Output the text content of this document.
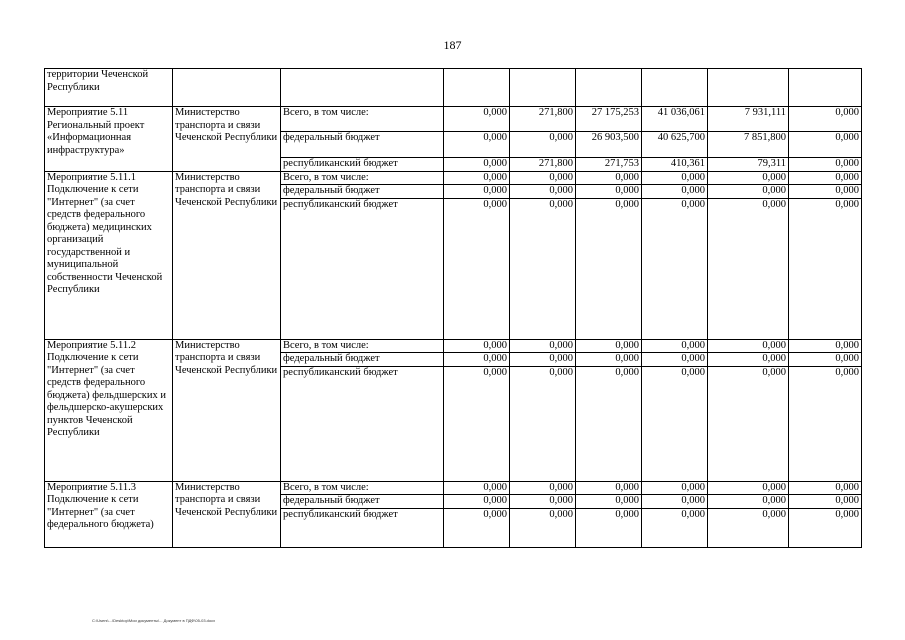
187
территории Чеченской Республики								
Мероприятие 5.11 Региональный проект «Информационная инфраструктура»	Министерство транспорта и связи Чеченской Республики	Всего, в том числе:	0,000	271,800	27 175,253	41 036,061	7 931,111	0,000
		федеральный бюджет	0,000	0,000	26 903,500	40 625,700	7 851,800	0,000
		республиканский бюджет	0,000	271,800	271,753	410,361	79,311	0,000
Мероприятие 5.11.1 Подключение к сети "Интернет" (за счет средств федерального бюджета) медицинских организаций государственной и муниципальной собственности Чеченской Республики	Министерство транспорта и связи Чеченской Республики	Всего, в том числе:	0,000	0,000	0,000	0,000	0,000	0,000
		федеральный бюджет	0,000	0,000	0,000	0,000	0,000	0,000
		республиканский бюджет	0,000	0,000	0,000	0,000	0,000	0,000
Мероприятие 5.11.2 Подключение к сети "Интернет" (за счет средств федерального бюджета) фельдшерских и фельдшерско-акушерских пунктов Чеченской Республики	Министерство транспорта и связи Чеченской Республики	Всего, в том числе:	0,000	0,000	0,000	0,000	0,000	0,000
		федеральный бюджет	0,000	0,000	0,000	0,000	0,000	0,000
		республиканский бюджет	0,000	0,000	0,000	0,000	0,000	0,000
Мероприятие 5.11.3 Подключение к сети "Интернет" (за счет федерального бюджета)	Министерство транспорта и связи Чеченской Республики	Всего, в том числе:	0,000	0,000	0,000	0,000	0,000	0,000
		федеральный бюджет	0,000	0,000	0,000	0,000	0,000	0,000
		республиканский бюджет	0,000	0,000	0,000	0,000	0,000	0,000
C:\Users\...\Desktop\Мои документы\... Документ в ПДФ\05-03.docx
